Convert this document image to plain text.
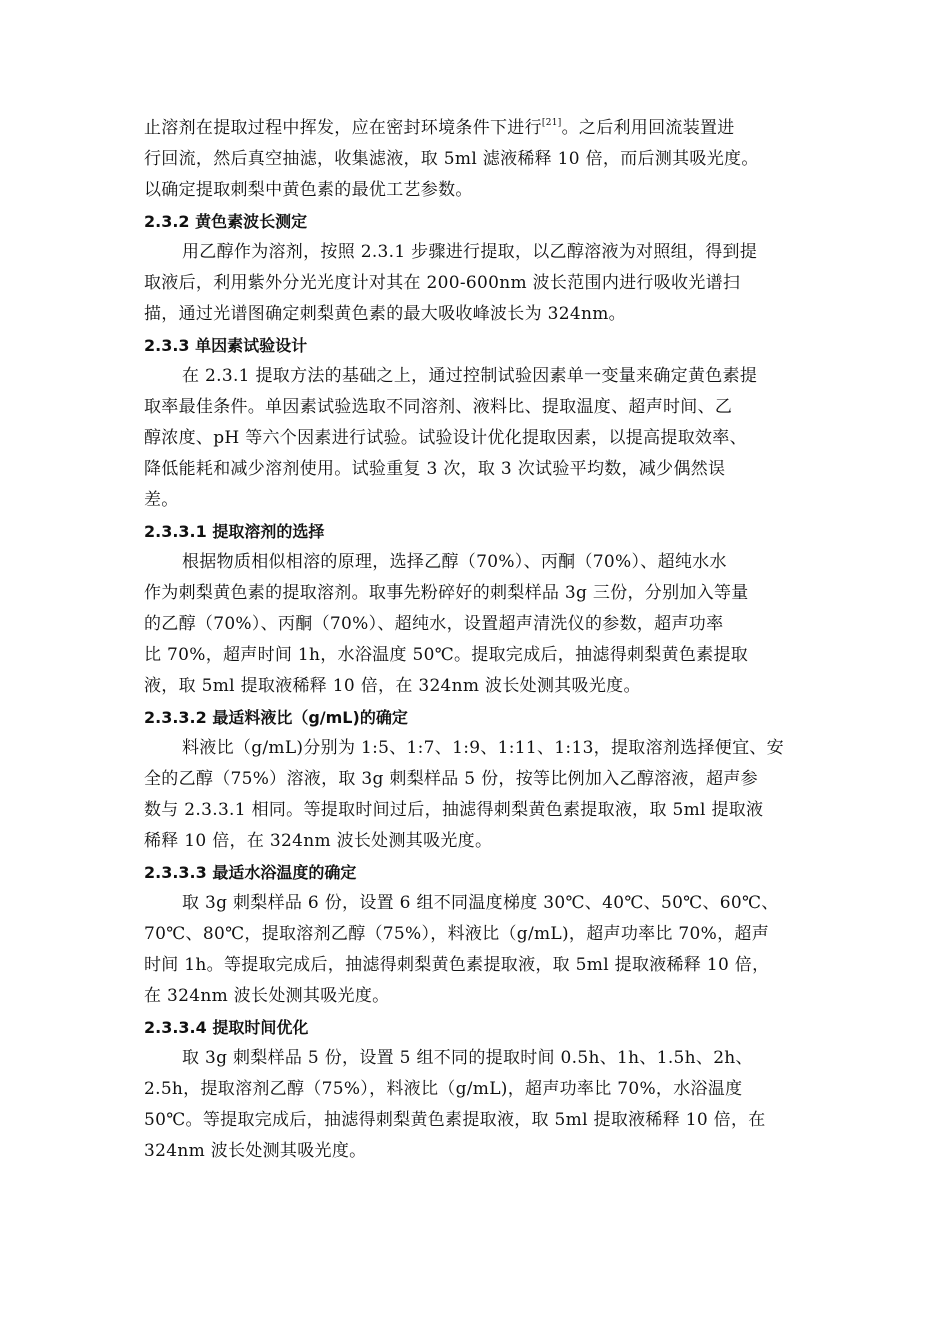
止溶剂在提取过程中挥发，应在密封环境条件下进行[21]。之后利用回流装置进
行回流，然后真空抽滤，收集滤液，取 5ml 滤液稀释 10 倍，而后测其吸光度。
以确定提取刺梨中黄色素的最优工艺参数。
2.3.2 黄色素波长测定
用乙醇作为溶剂，按照 2.3.1 步骤进行提取，以乙醇溶液为对照组，得到提
取液后，利用紫外分光光度计对其在 200-600nm 波长范围内进行吸收光谱扫
描，通过光谱图确定刺梨黄色素的最大吸收峰波长为 324nm。
2.3.3 单因素试验设计
在 2.3.1 提取方法的基础之上，通过控制试验因素单一变量来确定黄色素提
取率最佳条件。单因素试验选取不同溶剂、液料比、提取温度、超声时间、乙
醇浓度、pH 等六个因素进行试验。试验设计优化提取因素，以提高提取效率、
降低能耗和减少溶剂使用。试验重复 3 次，取 3 次试验平均数，减少偶然误
差。
2.3.3.1 提取溶剂的选择
根据物质相似相溶的原理，选择乙醇（70%）、丙酮（70%）、超纯水水
作为刺梨黄色素的提取溶剂。取事先粉碎好的刺梨样品 3g 三份，分别加入等量
的乙醇（70%）、丙酮（70%）、超纯水，设置超声清洗仪的参数，超声功率
比 70%，超声时间 1h，水浴温度 50℃。提取完成后，抽滤得刺梨黄色素提取
液，取 5ml 提取液稀释 10 倍，在 324nm 波长处测其吸光度。
2.3.3.2 最适料液比（g/mL)的确定
料液比（g/mL)分别为 1:5、1:7、1:9、1:11、1:13，提取溶剂选择便宜、安
全的乙醇（75%）溶液，取 3g 刺梨样品 5 份，按等比例加入乙醇溶液，超声参
数与 2.3.3.1 相同。等提取时间过后，抽滤得刺梨黄色素提取液，取 5ml 提取液
稀释 10 倍，在 324nm 波长处测其吸光度。
2.3.3.3 最适水浴温度的确定
取 3g 刺梨样品 6 份，设置 6 组不同温度梯度 30℃、40℃、50℃、60℃、
70℃、80℃，提取溶剂乙醇（75%），料液比（g/mL)，超声功率比 70%，超声
时间 1h。等提取完成后，抽滤得刺梨黄色素提取液，取 5ml 提取液稀释 10 倍，
在 324nm 波长处测其吸光度。
2.3.3.4 提取时间优化
取 3g 刺梨样品 5 份，设置 5 组不同的提取时间 0.5h、1h、1.5h、2h、
2.5h，提取溶剂乙醇（75%），料液比（g/mL)，超声功率比 70%，水浴温度
50℃。等提取完成后，抽滤得刺梨黄色素提取液，取 5ml 提取液稀释 10 倍，在
324nm 波长处测其吸光度。
